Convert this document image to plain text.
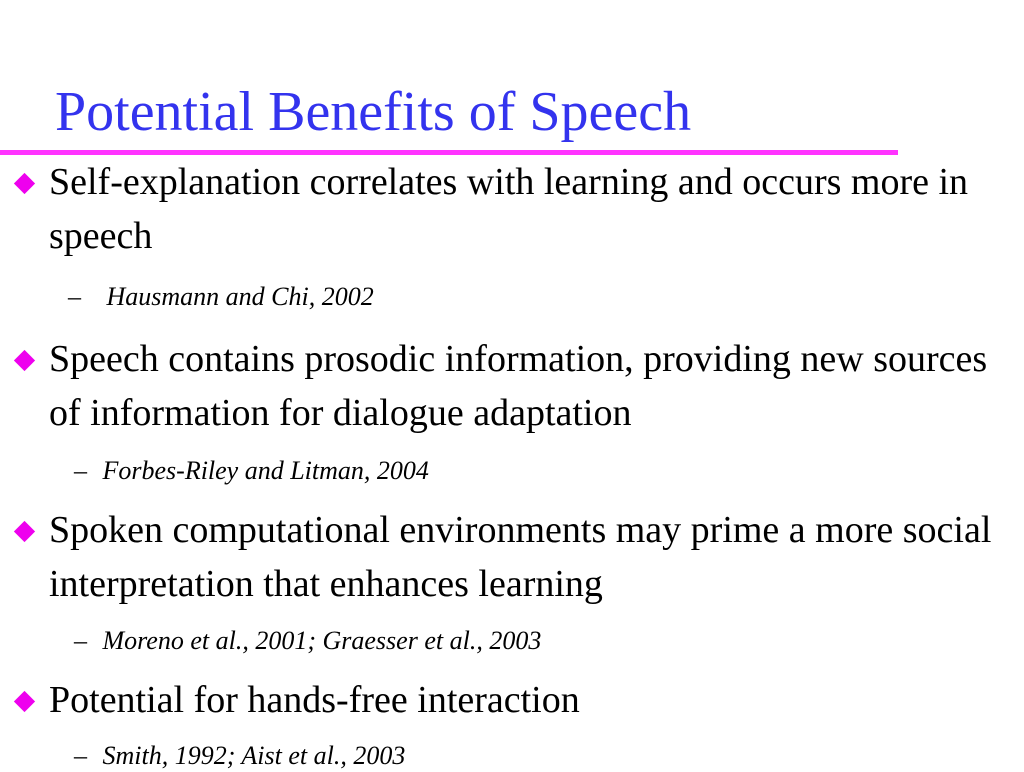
Potential Benefits of Speech
Self-explanation correlates with learning and occurs more in speech
– Hausmann and Chi, 2002
Speech contains prosodic information, providing new sources of information for dialogue adaptation
– Forbes-Riley and Litman, 2004
Spoken computational environments may prime a more social interpretation that enhances learning
– Moreno et al., 2001; Graesser et al., 2003
Potential for hands-free interaction
– Smith, 1992; Aist et al., 2003
